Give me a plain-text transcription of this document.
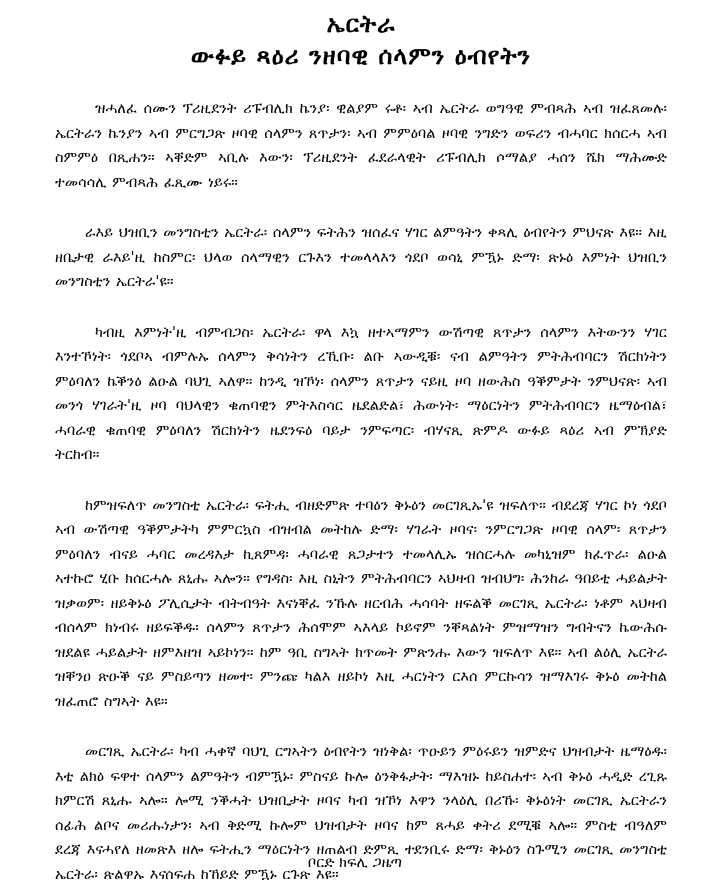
ኤርትራ
ውፉይ ጻዕሪ ንዘባዊ ሰላምን ዕብየትን

ዝሓለፈ ሰሙን ፕሪዚደንት ሪፑብሊክ ኬንያ፡ ዊልያም ሩቶ፡ ኣብ ኤርትራ ወግዓዊ ምብጻሕ ኣብ ዝፈጸመሉ፡ ኤርትራን ኬንያን ኣብ ምርግጋጽ ዞባዊ ሰላምን ጸጥታን፡ ኣብ ምምዕባል ዞባዊ ንግድን ወፍሪን ብሓባር ክሰርሓ ኣብ ስምምዕ በጺሐን። ኣቐድም ኣቢሉ እውን፡ ፕሪዚደንት ፈደራላዊት ሪፑብሊክ ሶማልያ ሓሰን ሼክ ማሕሙድ ተመሳሳሊ ምብጻሕ ፈጺሙ ነይሩ።

ራእይ ህዝቢን መንግስቲን ኤርትራ፡ ሰላምን ፍትሕን ዝሰፈና ሃገር ልምዓትን ቀጻሊ ዕብየትን ምህናጽ እዩ። እዚ ዘቤታዊ ራእይ'ዚ ከስምር፡ ህላወ ሰላማዊን ርጉእን ተመላላእን ጎደቦ ወሳኒ ምዃኑ ድማ፡ ጽኑዕ እምነት ህዝቢን መንግስቲን ኤርትራ'ዩ።

ካብዚ እምነት'ዚ ብምብጋስ፡ ኤርትራ፡ ዋላ እኳ ዘተኣማምን ውሽጣዊ ጸጥታን ሰላምን እትውንን ሃገር እንተኾነት፡ ጎደቦኣ ብምሉኡ ሰላምን ቅሳነትን ረኺቡ፡ ልቡ ኣውዲቑ፡ ናብ ልምዓትን ምትሕብባርን ሽርክነትን ምዕባለን ኬቕንዕ ልዑል ባህጊ ኣለዋ። ከንዲ ዝኾነ፡ ሰላምን ጸጥታን ናይዚ ዞባ ዘውሕስ ዓቕምታት ንምህናጽ፡ ኣብ መንጎ ሃገራት'ዚ ዞባ ባህላዊን ቁጠባዊን ምትእስሳር ዜደልድል፣ ሕውነት፡ ማዕርነትን ምትሕብባርን ዜማዕብል፣ ሓባራዊ ቁጠባዊ ምዕባለን ሽርክነትን ዜደንፍዕ ባይታ ንምፍጣር፡ ብሃናጺ ጽምዶ ውፉይ ጻዕሪ ኣብ ምኽያድ ትርከብ።

ከምዝፍለጥ መንግስቲ ኤርትራ፡ ፍትሒ ብዘድምጽ ተባዕን ቅኑዕን መርገጺኡ'ዩ ዝፍለጥ። ብደረጃ ሃገር ኮነ ጎደቦ ኣብ ውሽጣዊ ዓቕምታትካ ምምርኳስ ብዝብል መትከሉ ድማ፡ ሃገራት ዞባና፡ ንምርግጋጽ ዞባዊ ሰላም፡ ጸጥታን ምዕባለን ብናይ ሓባር መረዳእታ ኪጸምዳ፡ ሓባራዊ ጸጋታተን ተመላሊኡ ዝሰርሓሉ መካኒዝም ክፈጥራ፡ ልዑል ኣተኩሮ ሂቡ ክሰርሓሉ ጸኒሑ ኣሎን። የግዳስ፡ እዚ ስኒትን ምትሕብባርን ኣህዛብ ዝብህግ፡ ሕንከራ ዓበይቲ ሓይልታት ዝቃወም፡ ዘይቅኑዕ ፖሊሲታት ብትብዓት እናነቐፈ ንኹሉ ዘርብሕ ሓሳባት ዘፍልቕ መርገጺ ኤርትራ፡ ነቶም ኣህዛብ ብሰላም ክነብሩ ዘይፍቕዱ፡ ሰላምን ጸጥታን ሕሰሞም ኣእላይ ኮይኖም ንቐጻልነት ምዝማዝን ግብትናን ኬውሕሱ ዝደልዩ ሓይልታት ዘምእዘዝ ኣይኮነን። ከም ዓቢ ስግኣት ክጥመት ምጽንሑ እውን ዝፍለጥ እዩ። ኣብ ልዕሊ ኤርትራ ዝቐንዐ ጽዑቕ ናይ ምስይጣን ዘመተ፡ ምንጩ ካልእ ዘይኮነ እዚ ሓርነትን ርእሰ ምርኩሳን ዝማእገሩ ቅኑዕ መትከል ዝፈጠሮ ስግኣት እዩ።

መርገጺ ኤርትራ፡ ካብ ሓቀኛ ባህጊ ርግኣትን ዕብየትን ዝነቅል፡ ጥዑይን ምዕሩይን ዝምድና ህዝብታት ዜማዕዱ፡ እቲ ልክዕ ፍዋተ ሰላምን ልምዓትን ብምዃኑ፡ ምስናይ ኩሎ ዕንቅፋታት፡ ማእዝኑ ከይስሐተ፡ ኣብ ቅኑዕ ሓዲድ ረጊጹ ክምርሽ ጸኒሑ ኣሎ። ሎሚ ንቕሓት ህዝቢታት ዞባና ካብ ዝኾነ እዋን ንላዕሊ በሪኹ፡ ቅኑዕነት መርገጺ ኤርትራን ሰፊሕ ልቦና መሪሑነታን፡ ኣብ ቅድሚ ኩሎም ህዝብታት ዞባና ከም ጸሓይ ቀትሪ ደሚቑ ኣሎ። ምስቲ ብዓለም ደረጃ እናሓየለ ዘመጽእ ዘሎ ፍትሒን ማዕርነትን ዘጠልብ ድምጺ ተደንቢሩ ድማ፡ ቅኑዕን ስጉሚን መርገጺ መንግስቲ ኤርትራ፡ ጽልዋኡ እናሰፍሐ ከኸይድ ምዃኑ ርጉጽ እዩ።

ቦርድ ክፍሊ ጋዜጣ
